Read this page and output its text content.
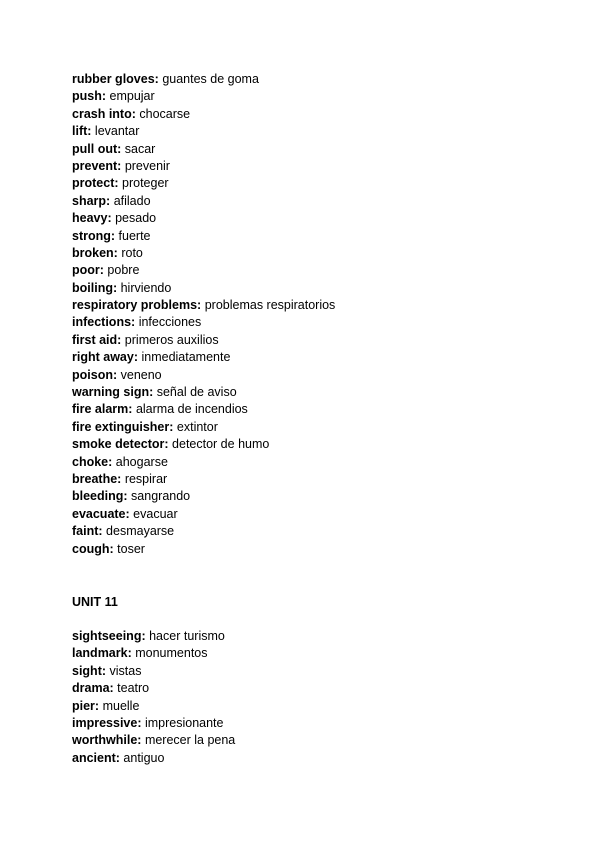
rubber gloves: guantes de goma
push: empujar
crash into: chocarse
lift: levantar
pull out: sacar
prevent: prevenir
protect: proteger
sharp: afilado
heavy: pesado
strong: fuerte
broken: roto
poor: pobre
boiling: hirviendo
respiratory problems: problemas respiratorios
infections: infecciones
first aid: primeros auxilios
right away: inmediatamente
poison: veneno
warning sign: señal de aviso
fire alarm: alarma de incendios
fire extinguisher: extintor
smoke detector: detector de humo
choke: ahogarse
breathe: respirar
bleeding: sangrando
evacuate: evacuar
faint: desmayarse
cough: toser
UNIT 11
sightseeing: hacer turismo
landmark: monumentos
sight: vistas
drama: teatro
pier: muelle
impressive: impresionante
worthwhile: merecer la pena
ancient: antiguo
